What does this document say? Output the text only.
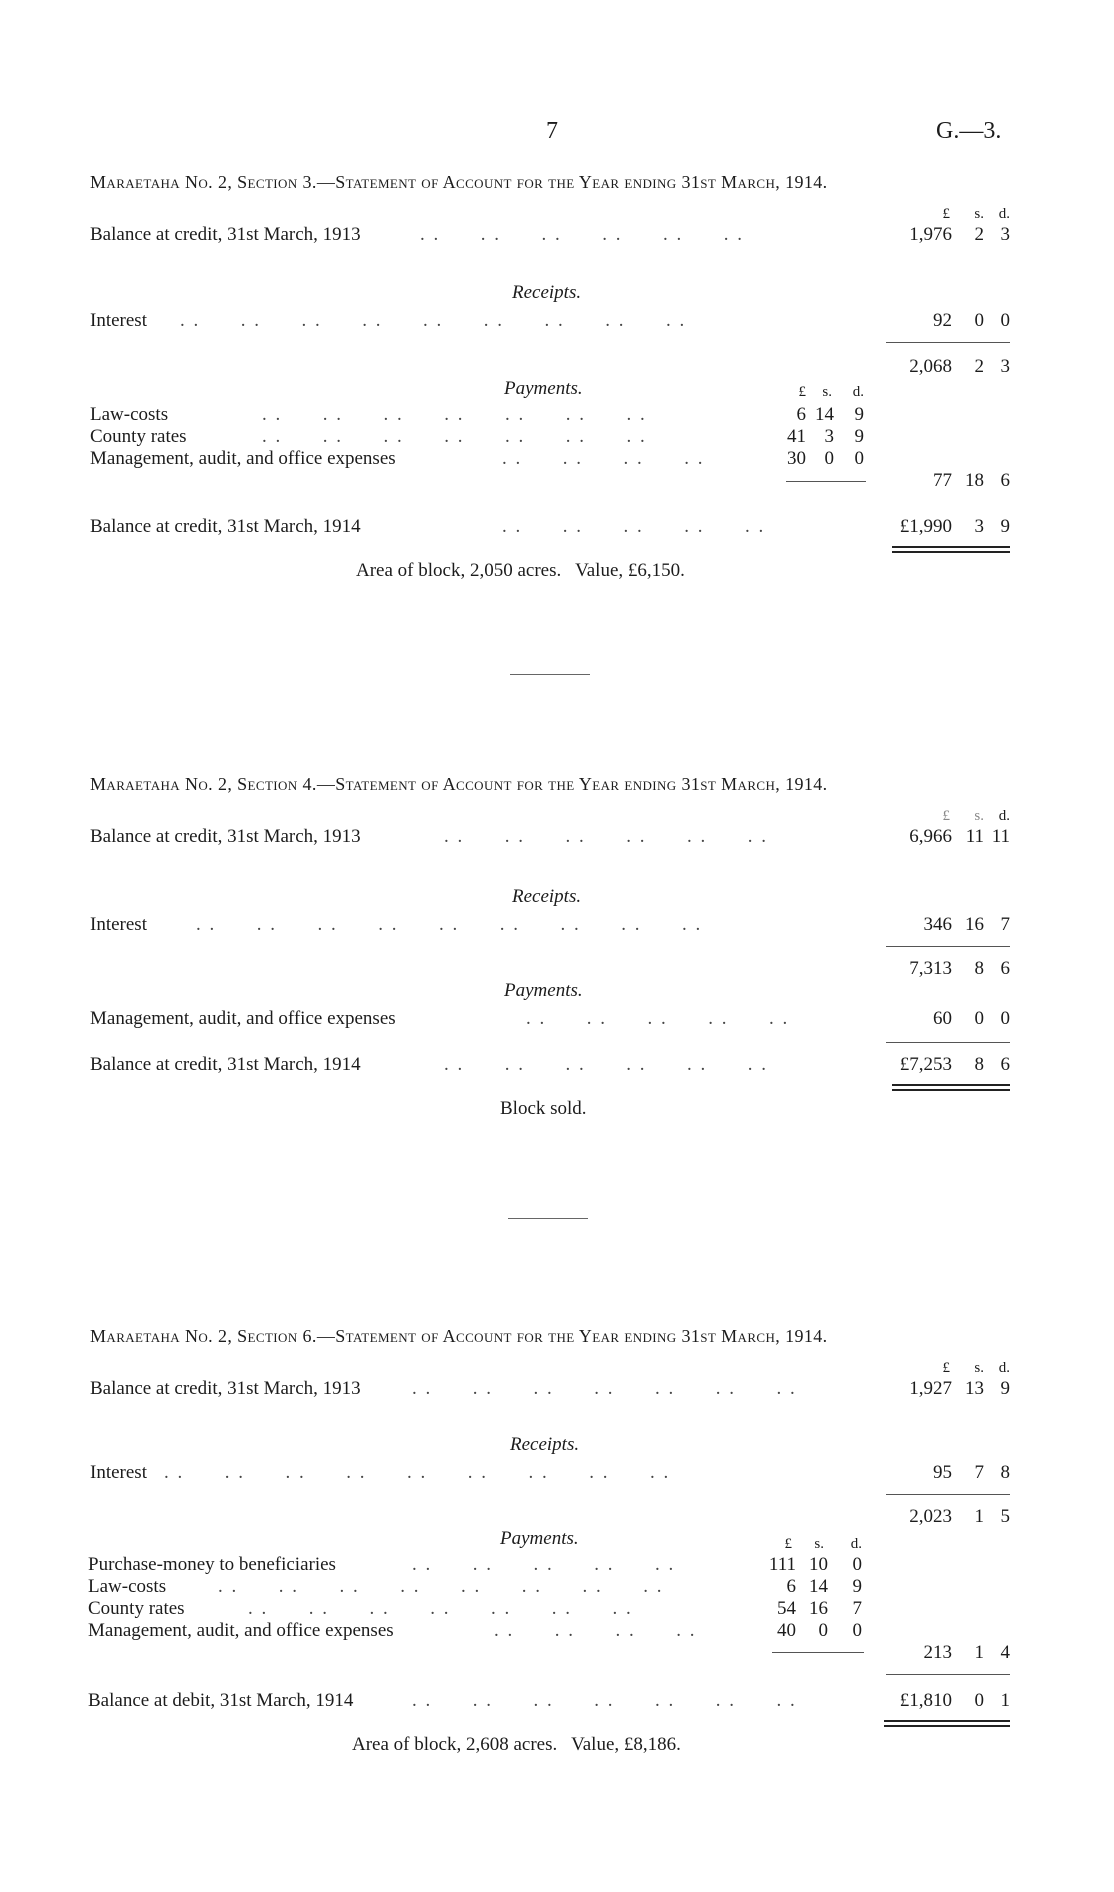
7	G.—3.
Maraetaha No. 2, Section 3.—Statement of Account for the Year ending 31st March, 1914.
£	s. d.
Balance at credit, 31st March, 1913	. .      . .      . .      . .      . .      . .	1,976	2 3
Receipts.
Interest . .      . .      . .      . .      . .      . .      . .      . .      . .	92	0 0
2,068	2 3
Payments.	£	s.	d.
Law-costs	. .      . .      . .      . .      . .      . .      . .	6 14	9
County rates	. .      . .      . .      . .      . .      . .      . .	41 3	9
Management, audit, and office expenses	. .      . .      . .      . .	30 0	0
77 18 6
Balance at credit, 31st March, 1914	. .      . .      . .      . .      . .	£1,990	3 9
Area of block, 2,050 acres.   Value, £6,150.
Maraetaha No. 2, Section 4.—Statement of Account for the Year ending 31st March, 1914.
£	s. d.
Balance at credit, 31st March, 1913	. .      . .      . .      . .      . .      . .	6,966 11 11
Receipts.
Interest	. .      . .      . .      . .      . .      . .      . .      . .      . .	346 16 7
7,313	8 6
Payments.
Management, audit, and office expenses	. .      . .      . .      . .      . .	60	0 0
Balance at credit, 31st March, 1914	. .      . .      . .      . .      . .      . .	£7,253	8 6
Block sold.
Maraetaha No. 2, Section 6.—Statement of Account for the Year ending 31st March, 1914.
£	s. d.
Balance at credit, 31st March, 1913	. .      . .      . .      . .      . .      . .      . .	1,927 13 9
Receipts.
Interest . .      . .      . .      . .      . .      . .      . .      . .      . .	95	7 8
2,023	1 5
Payments.	£	s.	d.
Purchase-money to beneficiaries	. .      . .      . .      . .      . .	111 10	0
Law-costs	. .      . .      . .      . .      . .      . .      . .      . .	6 14	9
County rates	. .      . .      . .      . .      . .      . .      . .	54 16	7
Management, audit, and office expenses	. .      . .      . .      . .	40	0	0
213	1 4
Balance at debit, 31st March, 1914	. .      . .      . .      . .      . .      . .      . .	£1,810	0 1
Area of block, 2,608 acres.   Value, £8,186.
